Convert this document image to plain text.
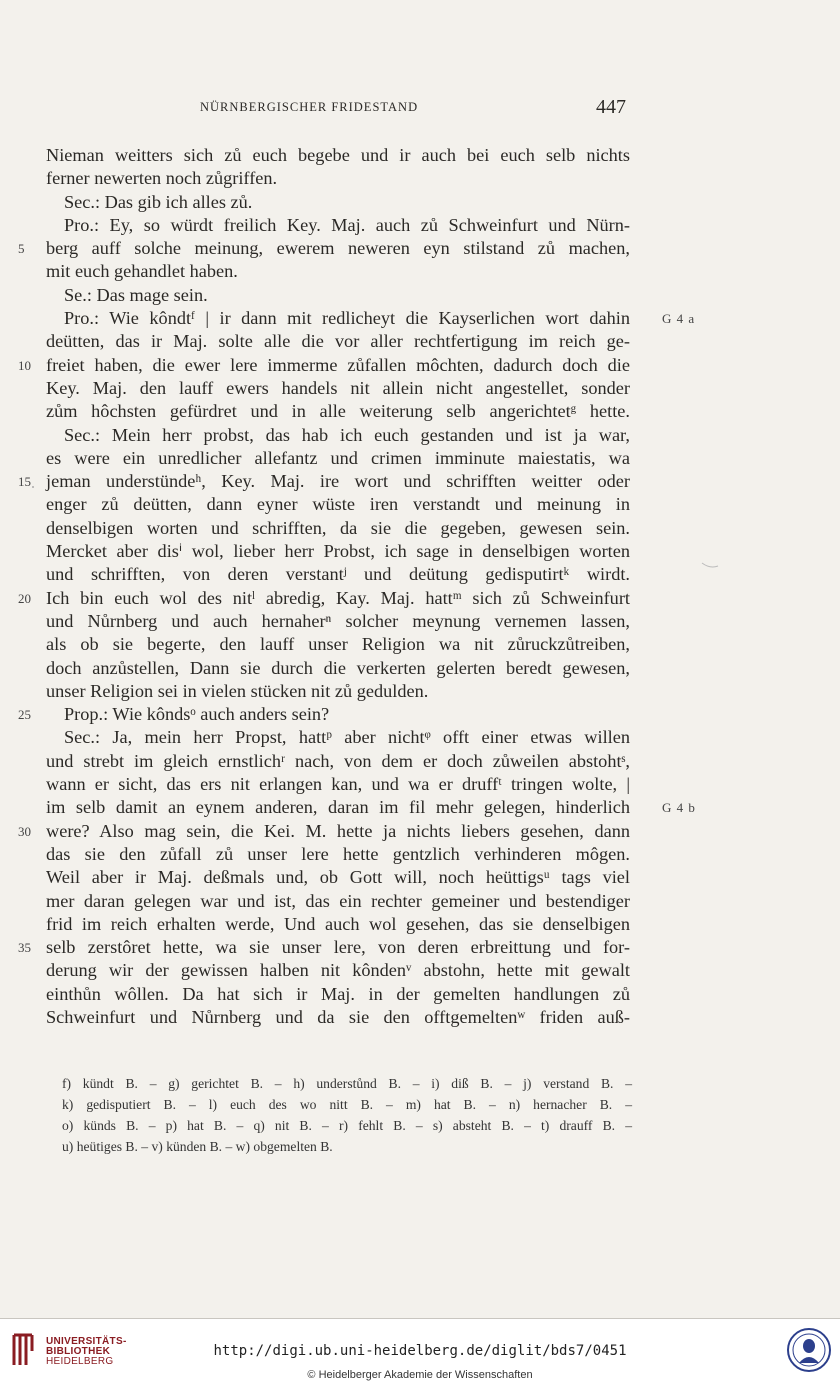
NÜRNBERGISCHER FRIDESTAND	447
Nieman weitters sich zů euch begebe und ir auch bei euch selb nichts
ferner newerten noch zůgriffen.
Sec.: Das gib ich alles zů.
Pro.: Ey, so würdt freilich Key. Maj. auch zů Schweinfurt und Nürn-
5 berg auff solche meinung, ewerem neweren eyn stilstand zů machen,
mit euch gehandlet haben.
Se.: Das mage sein.
Pro.: Wie kôndtᶠ | ir dann mit redlicheyt die Kayserlichen wort dahin G 4 a
deütten, das ir Maj. solte alle die vor aller rechtfertigung im reich ge-
10 freiet haben, die ewer lere immerme zůfallen môchten, dadurch doch die
Key. Maj. den lauff ewers handels nit allein nicht angestellet, sonder
zům hôchsten gefürdret und in alle weiterung selb angerichtetᵍ hette.
Sec.: Mein herr probst, das hab ich euch gestanden und ist ja war,
es were ein unredlicher allefantz und crimen imminute maiestatis, wa
15 jeman understündeʰ, Key. Maj. ire wort und schrifften weitter oder
enger zů deütten, dann eyner wüste iren verstandt und meinung in
denselbigen worten und schrifften, da sie die gegeben, gewesen sein.
Mercket aber disⁱ wol, lieber herr Probst, ich sage in denselbigen worten
und schrifften, von deren verstantʲ und deütung gedisputirtᵏ wirdt.
20 Ich bin euch wol des nitˡ abredig, Kay. Maj. hattᵐ sich zů Schweinfurt
und Nůrnberg und auch hernaherⁿ solcher meynung vernemen lassen,
als ob sie begerte, den lauff unser Religion wa nit zůruckzůtreiben,
doch anzůstellen, Dann sie durch die verkerten gelerten beredt gewesen,
unser Religion sei in vielen stücken nit zů gedulden.
25 Prop.: Wie kôndsᵒ auch anders sein?
Sec.: Ja, mein herr Propst, hattᵖ aber nichtᵠ offt einer etwas willen
und strebt im gleich ernstlichʳ nach, von dem er doch zůweilen abstohtˢ,
wann er sicht, das ers nit erlangen kan, und wa er druffᵗ tringen wolte, |
im selb damit an eynem anderen, daran im fil mehr gelegen, hinderlich G 4 b
30 were? Also mag sein, die Kei. M. hette ja nichts liebers gesehen, dann
das sie den zůfall zů unser lere hette gentzlich verhinderen môgen.
Weil aber ir Maj. deßmals und, ob Gott will, noch heüttigsᵘ tags viel
mer daran gelegen war und ist, das ein rechter gemeiner und bestendiger
frid im reich erhalten werde, Und auch wol gesehen, das sie denselbigen
35 selb zerstôret hette, wa sie unser lere, von deren erbreittung und for-
derung wir der gewissen halben nit kôndenᵛ abstohn, hette mit gewalt
einthůn wôllen. Da hat sich ir Maj. in der gemelten handlungen zů
Schweinfurt und Nůrnberg und da sie den offtgemeltenʷ friden auß-
f) kündt B. – g) gerichtet B. – h) understůnd B. – i) diß B. – j) verstand B. –
k) gedisputiert B. – l) euch des wo nitt B. – m) hat B. – n) hernacher B. –
o) künds B. – p) hat B. – q) nit B. – r) fehlt B. – s) absteht B. – t) drauff B. –
u) heütiges B. – v) künden B. – w) obgemelten B.
UNIVERSITÄTS-
BIBLIOTHEK
HEIDELBERG
http://digi.ub.uni-heidelberg.de/diglit/bds7/0451
© Heidelberger Akademie der Wissenschaften
